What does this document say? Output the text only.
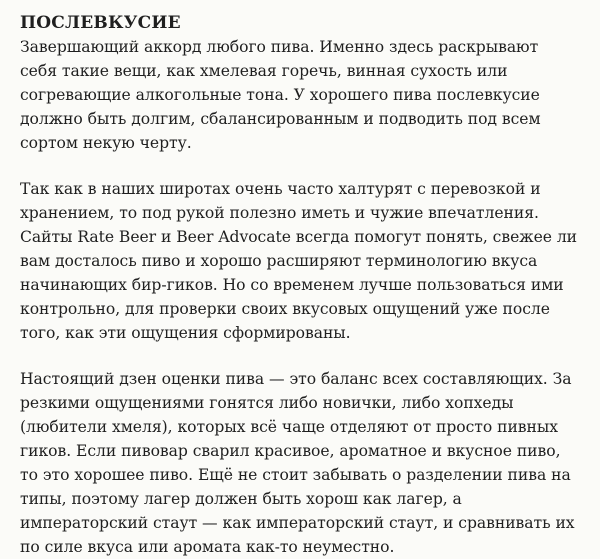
ПОСЛЕВКУСИЕ

Завершающий аккорд любого пива. Именно здесь раскрывают
себя такие вещи, как хмелевая горечь, винная сухость или
согревающие алкогольные тона. У хорошего пива послевкусие
должно быть долгим, сбалансированным и подводить под всем
сортом некую черту.

Так как в наших широтах очень часто халтурят с перевозкой и
хранением, то под рукой полезно иметь и чужие впечатления.
Сайты Rate Beer и Beer Advocate всегда помогут понять, свежее ли
вам досталось пиво и хорошо расширяют терминологию вкуса
начинающих бир-гиков. Но со временем лучше пользоваться ими
контрольно, для проверки своих вкусовых ощущений уже после
того, как эти ощущения сформированы.

Настоящий дзен оценки пива — это баланс всех составляющих. За
резкими ощущениями гонятся либо новички, либо хопхеды
(любители хмеля), которых всё чаще отделяют от просто пивных
гиков. Если пивовар сварил красивое, ароматное и вкусное пиво,
то это хорошее пиво. Ещё не стоит забывать о разделении пива на
типы, поэтому лагер должен быть хорош как лагер, а
императорский стаут — как императорский стаут, и сравнивать их
по силе вкуса или аромата как-то неуместно.
